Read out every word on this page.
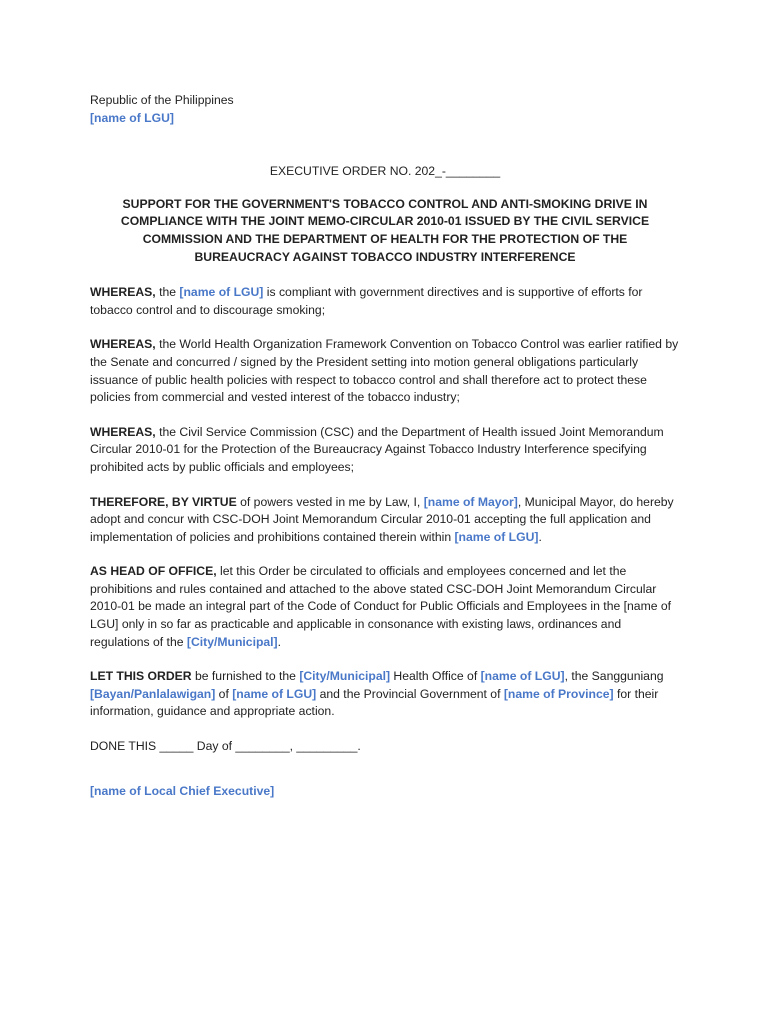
Republic of the Philippines

[name of LGU]

EXECUTIVE ORDER NO. 202_-________

SUPPORT FOR THE GOVERNMENT'S TOBACCO CONTROL AND ANTI-SMOKING DRIVE IN COMPLIANCE WITH THE JOINT MEMO-CIRCULAR 2010-01 ISSUED BY THE CIVIL SERVICE COMMISSION AND THE DEPARTMENT OF HEALTH FOR THE PROTECTION OF THE BUREAUCRACY AGAINST TOBACCO INDUSTRY INTERFERENCE

WHEREAS, the [name of LGU] is compliant with government directives and is supportive of efforts for tobacco control and to discourage smoking;

WHEREAS, the World Health Organization Framework Convention on Tobacco Control was earlier ratified by the Senate and concurred / signed by the President setting into motion general obligations particularly issuance of public health policies with respect to tobacco control and shall therefore act to protect these policies from commercial and vested interest of the tobacco industry;

WHEREAS, the Civil Service Commission (CSC) and the Department of Health issued Joint Memorandum Circular 2010-01 for the Protection of the Bureaucracy Against Tobacco Industry Interference specifying prohibited acts by public officials and employees;

THEREFORE, BY VIRTUE of powers vested in me by Law, I, [name of Mayor], Municipal Mayor, do hereby adopt and concur with CSC-DOH Joint Memorandum Circular 2010-01 accepting the full application and implementation of policies and prohibitions contained therein within [name of LGU].

AS HEAD OF OFFICE, let this Order be circulated to officials and employees concerned and let the prohibitions and rules contained and attached to the above stated CSC-DOH Joint Memorandum Circular 2010-01 be made an integral part of the Code of Conduct for Public Officials and Employees in the [name of LGU] only in so far as practicable and applicable in consonance with existing laws, ordinances and regulations of the [City/Municipal].

LET THIS ORDER be furnished to the [City/Municipal] Health Office of [name of LGU], the Sangguniang [Bayan/Panlalawigan] of [name of LGU] and the Provincial Government of [name of Province] for their information, guidance and appropriate action.

DONE THIS _____ Day of ________, _________.

[name of Local Chief Executive]
